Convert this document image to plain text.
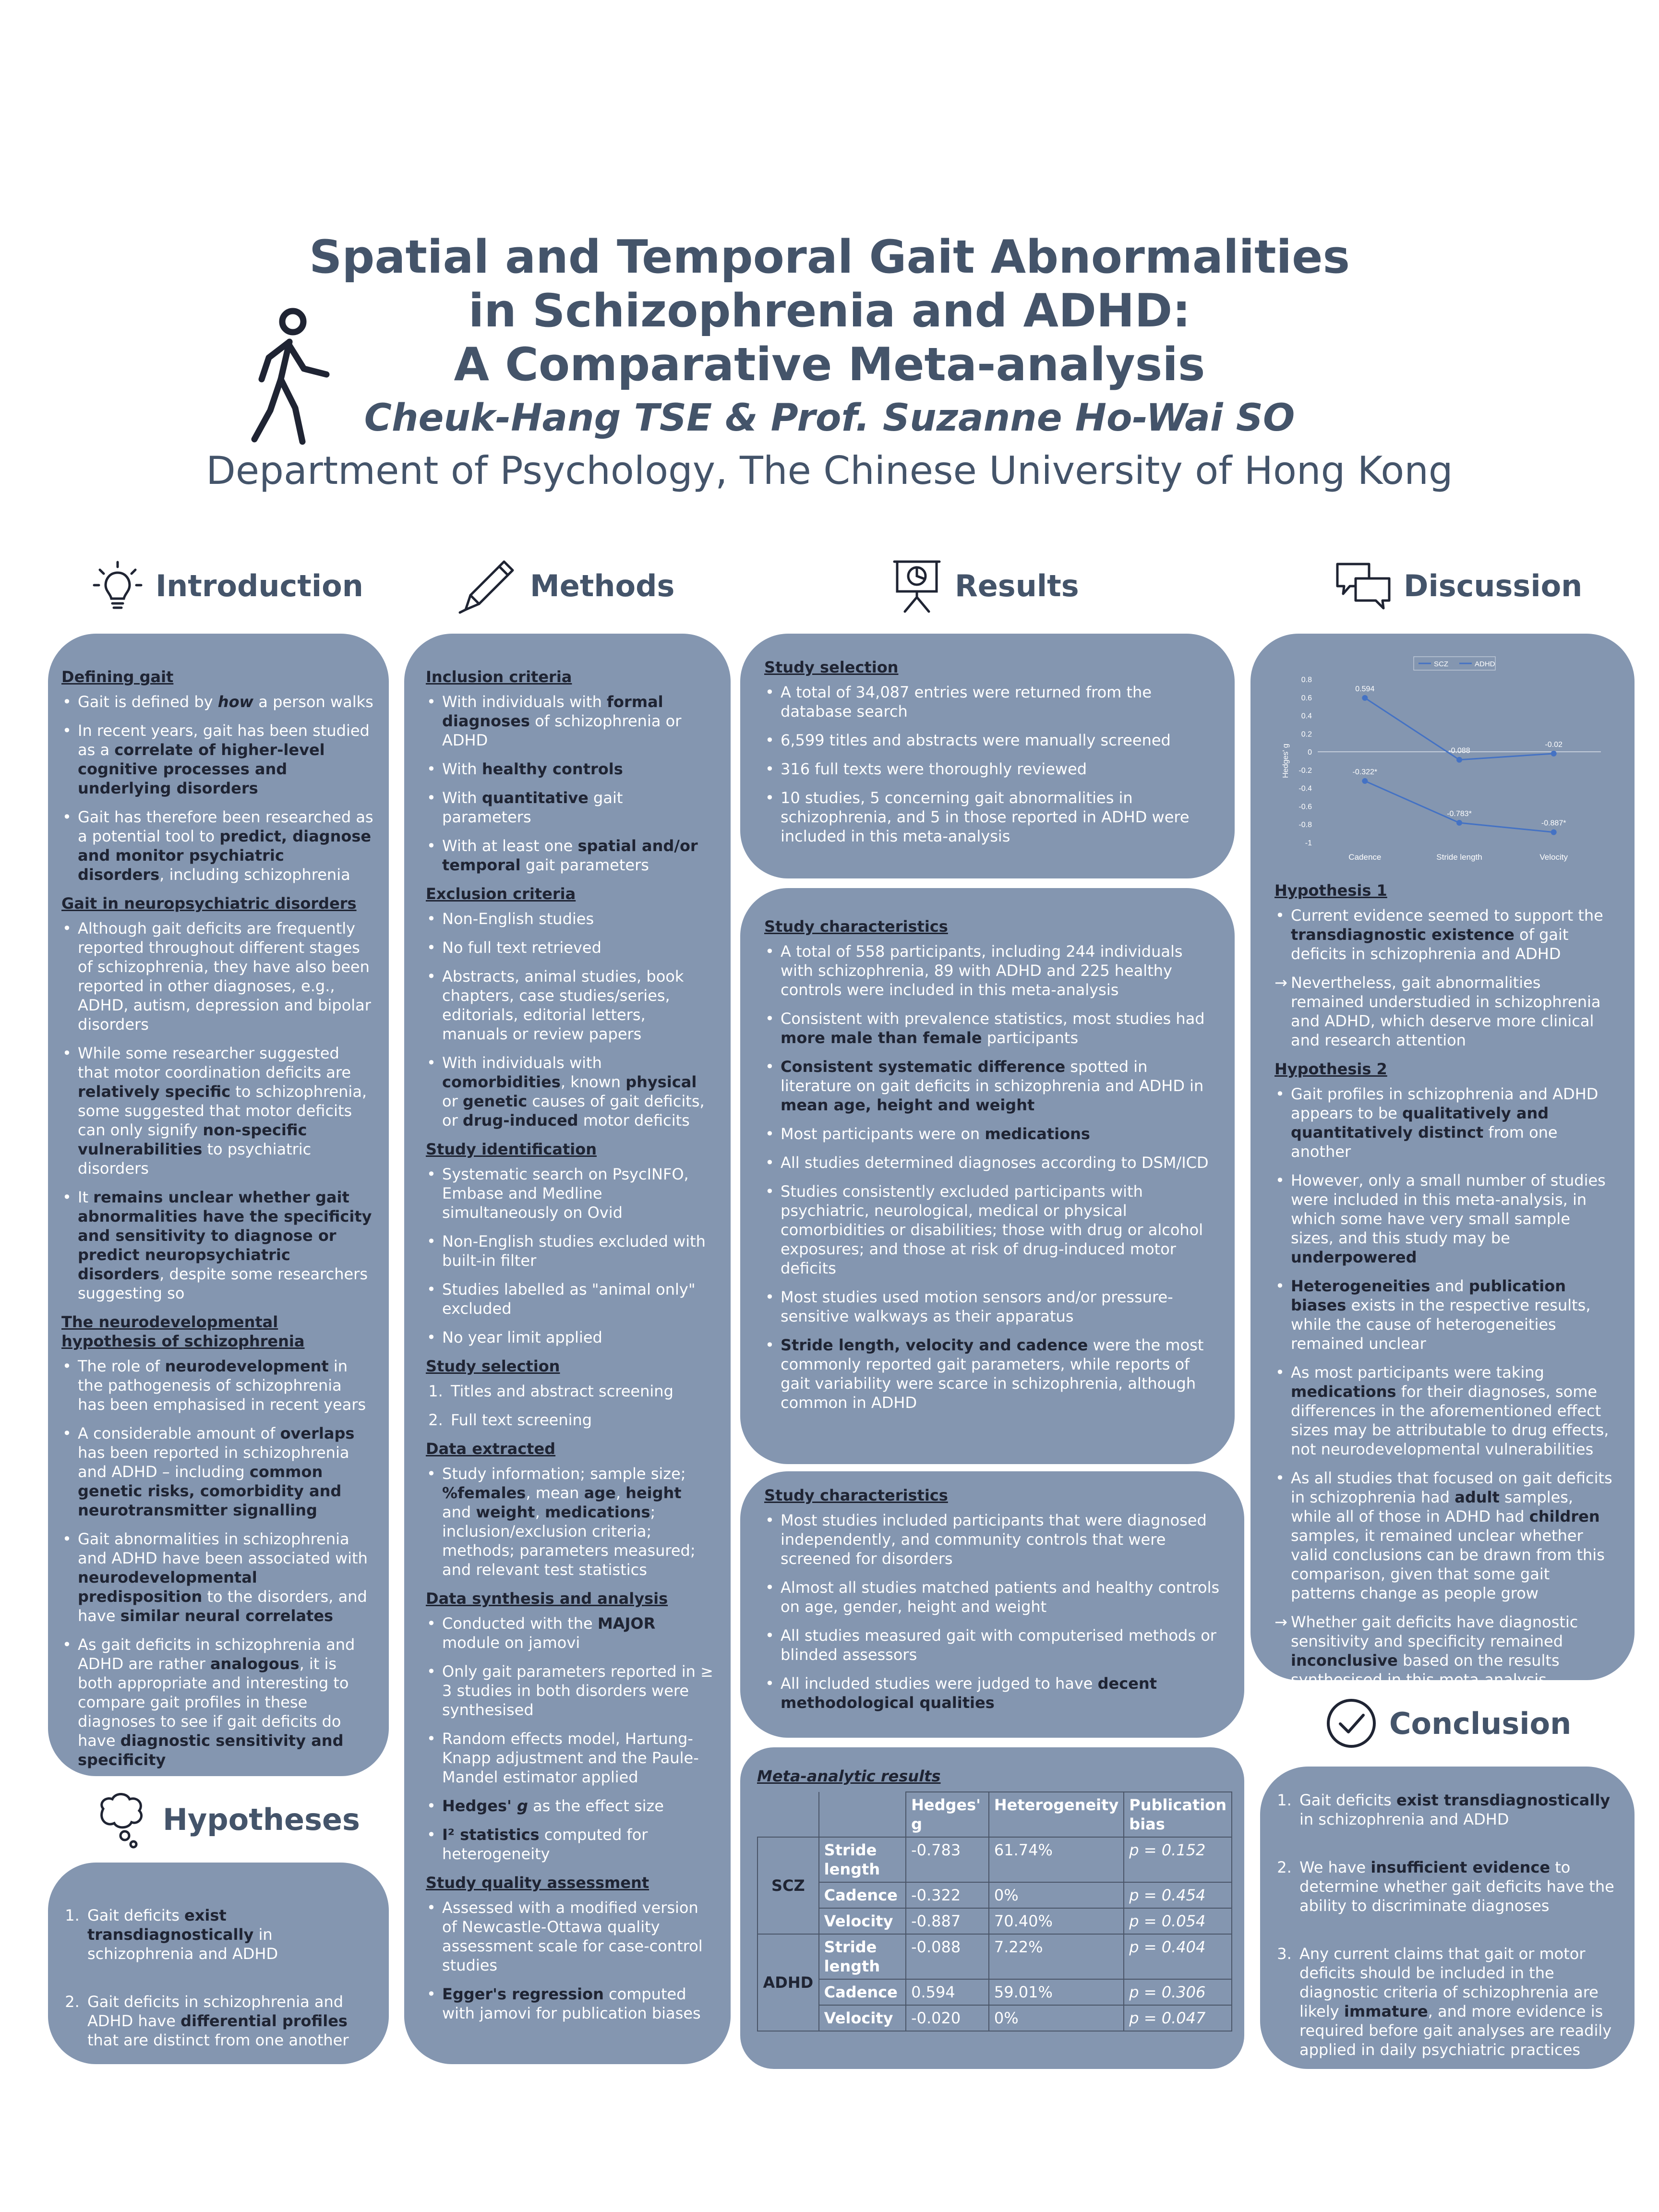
Spatial and Temporal Gait Abnormalities
in Schizophrenia and ADHD:
A Comparative Meta-analysis
Cheuk-Hang TSE & Prof. Suzanne Ho-Wai SO
Department of Psychology, The Chinese University of Hong Kong
Introduction	Methods	Results	Discussion
Hypotheses
Conclusion
Defining gait
• Gait is defined by how a person walks
• In recent years, gait has been studied as a correlate of higher-level cognitive processes and underlying disorders
• Gait has therefore been researched as a potential tool to predict, diagnose and monitor psychiatric disorders, including schizophrenia
Gait in neuropsychiatric disorders
• Although gait deficits are frequently reported throughout different stages of schizophrenia, they have also been reported in other diagnoses, e.g., ADHD, autism, depression and bipolar disorders
• While some researcher suggested that motor coordination deficits are relatively specific to schizophrenia, some suggested that motor deficits can only signify non-specific vulnerabilities to psychiatric disorders
• It remains unclear whether gait abnormalities have the specificity and sensitivity to diagnose or predict neuropsychiatric disorders, despite some researchers suggesting so
The neurodevelopmental hypothesis of schizophrenia
• The role of neurodevelopment in the pathogenesis of schizophrenia has been emphasised in recent years
• A considerable amount of overlaps has been reported in schizophrenia and ADHD – including common genetic risks, comorbidity and neurotransmitter signalling
• Gait abnormalities in schizophrenia and ADHD have been associated with neurodevelopmental predisposition to the disorders, and have similar neural correlates
• As gait deficits in schizophrenia and ADHD are rather analogous, it is both appropriate and interesting to compare gait profiles in these diagnoses to see if gait deficits do have diagnostic sensitivity and specificity
1. Gait deficits exist transdiagnostically in schizophrenia and ADHD
2. Gait deficits in schizophrenia and ADHD have differential profiles that are distinct from one another
Inclusion criteria
• With individuals with formal diagnoses of schizophrenia or ADHD
• With healthy controls
• With quantitative gait parameters
• With at least one spatial and/or temporal gait parameters
Exclusion criteria
• Non-English studies
• No full text retrieved
• Abstracts, animal studies, book chapters, case studies/series, editorials, editorial letters, manuals or review papers
• With individuals with comorbidities, known physical or genetic causes of gait deficits, or drug-induced motor deficits
Study identification
• Systematic search on PsycINFO, Embase and Medline simultaneously on Ovid
• Non-English studies excluded with built-in filter
• Studies labelled as "animal only" excluded
• No year limit applied
Study selection
1. Titles and abstract screening
2. Full text screening
Data extracted
• Study information; sample size; %females, mean age, height and weight, medications; inclusion/exclusion criteria; methods; parameters measured; and relevant test statistics
Data synthesis and analysis
• Conducted with the MAJOR module on jamovi
• Only gait parameters reported in ≥ 3 studies in both disorders were synthesised
• Random effects model, Hartung-Knapp adjustment and the Paule-Mandel estimator applied
• Hedges' g as the effect size
• I² statistics computed for heterogeneity
Study quality assessment
• Assessed with a modified version of Newcastle-Ottawa quality assessment scale for case-control studies
• Egger's regression computed with jamovi for publication biases
Study selection
• A total of 34,087 entries were returned from the database search
• 6,599 titles and abstracts were manually screened
• 316 full texts were thoroughly reviewed
• 10 studies, 5 concerning gait abnormalities in schizophrenia, and 5 in those reported in ADHD were included in this meta-analysis
Study characteristics
• A total of 558 participants, including 244 individuals with schizophrenia, 89 with ADHD and 225 healthy controls were included in this meta-analysis
• Consistent with prevalence statistics, most studies had more male than female participants
• Consistent systematic difference spotted in literature on gait deficits in schizophrenia and ADHD in mean age, height and weight
• Most participants were on medications
• All studies determined diagnoses according to DSM/ICD
• Studies consistently excluded participants with psychiatric, neurological, medical or physical comorbidities or disabilities; those with drug or alcohol exposures; and those at risk of drug-induced motor deficits
• Most studies used motion sensors and/or pressure-sensitive walkways as their apparatus
• Stride length, velocity and cadence were the most commonly reported gait parameters, while reports of gait variability were scarce in schizophrenia, although common in ADHD
Study characteristics
• Most studies included participants that were diagnosed independently, and community controls that were screened for disorders
• Almost all studies matched patients and healthy controls on age, gender, height and weight
• All studies measured gait with computerised methods or blinded assessors
• All included studies were judged to have decent methodological qualities
Meta-analytic results
		Hedges' g	Heterogeneity	Publication bias
SCZ	Stride length	-0.783	61.74%	p = 0.152
	Cadence	-0.322	0%	p = 0.454
	Velocity	-0.887	70.40%	p = 0.054
ADHD	Stride length	-0.088	7.22%	p = 0.404
	Cadence	0.594	59.01%	p = 0.306
	Velocity	-0.020	0%	p = 0.047
0.8
0.6
0.4
0.2
0
-0.2
-0.4
-0.6
-0.8
-1
Hedges' g
Cadence	Stride length	Velocity
-0.322*
-0.783*
-0.887*
0.594
-0.088
-0.02
SCZ	ADHD
Hypothesis 1
• Current evidence seemed to support the transdiagnostic existence of gait deficits in schizophrenia and ADHD
→ Nevertheless, gait abnormalities remained understudied in schizophrenia and ADHD, which deserve more clinical and research attention
Hypothesis 2
• Gait profiles in schizophrenia and ADHD appears to be qualitatively and quantitatively distinct from one another
• However, only a small number of studies were included in this meta-analysis, in which some have very small sample sizes, and this study may be underpowered
• Heterogeneities and publication biases exists in the respective results, while the cause of heterogeneities remained unclear
• As most participants were taking medications for their diagnoses, some differences in the aforementioned effect sizes may be attributable to drug effects, not neurodevelopmental vulnerabilities
• As all studies that focused on gait deficits in schizophrenia had adult samples, while all of those in ADHD had children samples, it remained unclear whether valid conclusions can be drawn from this comparison, given that some gait patterns change as people grow
→ Whether gait deficits have diagnostic sensitivity and specificity remained inconclusive based on the results synthesised in this meta-analysis
1. Gait deficits exist transdiagnostically in schizophrenia and ADHD
2. We have insufficient evidence to determine whether gait deficits have the ability to discriminate diagnoses
3. Any current claims that gait or motor deficits should be included in the diagnostic criteria of schizophrenia are likely immature, and more evidence is required before gait analyses are readily applied in daily psychiatric practices
